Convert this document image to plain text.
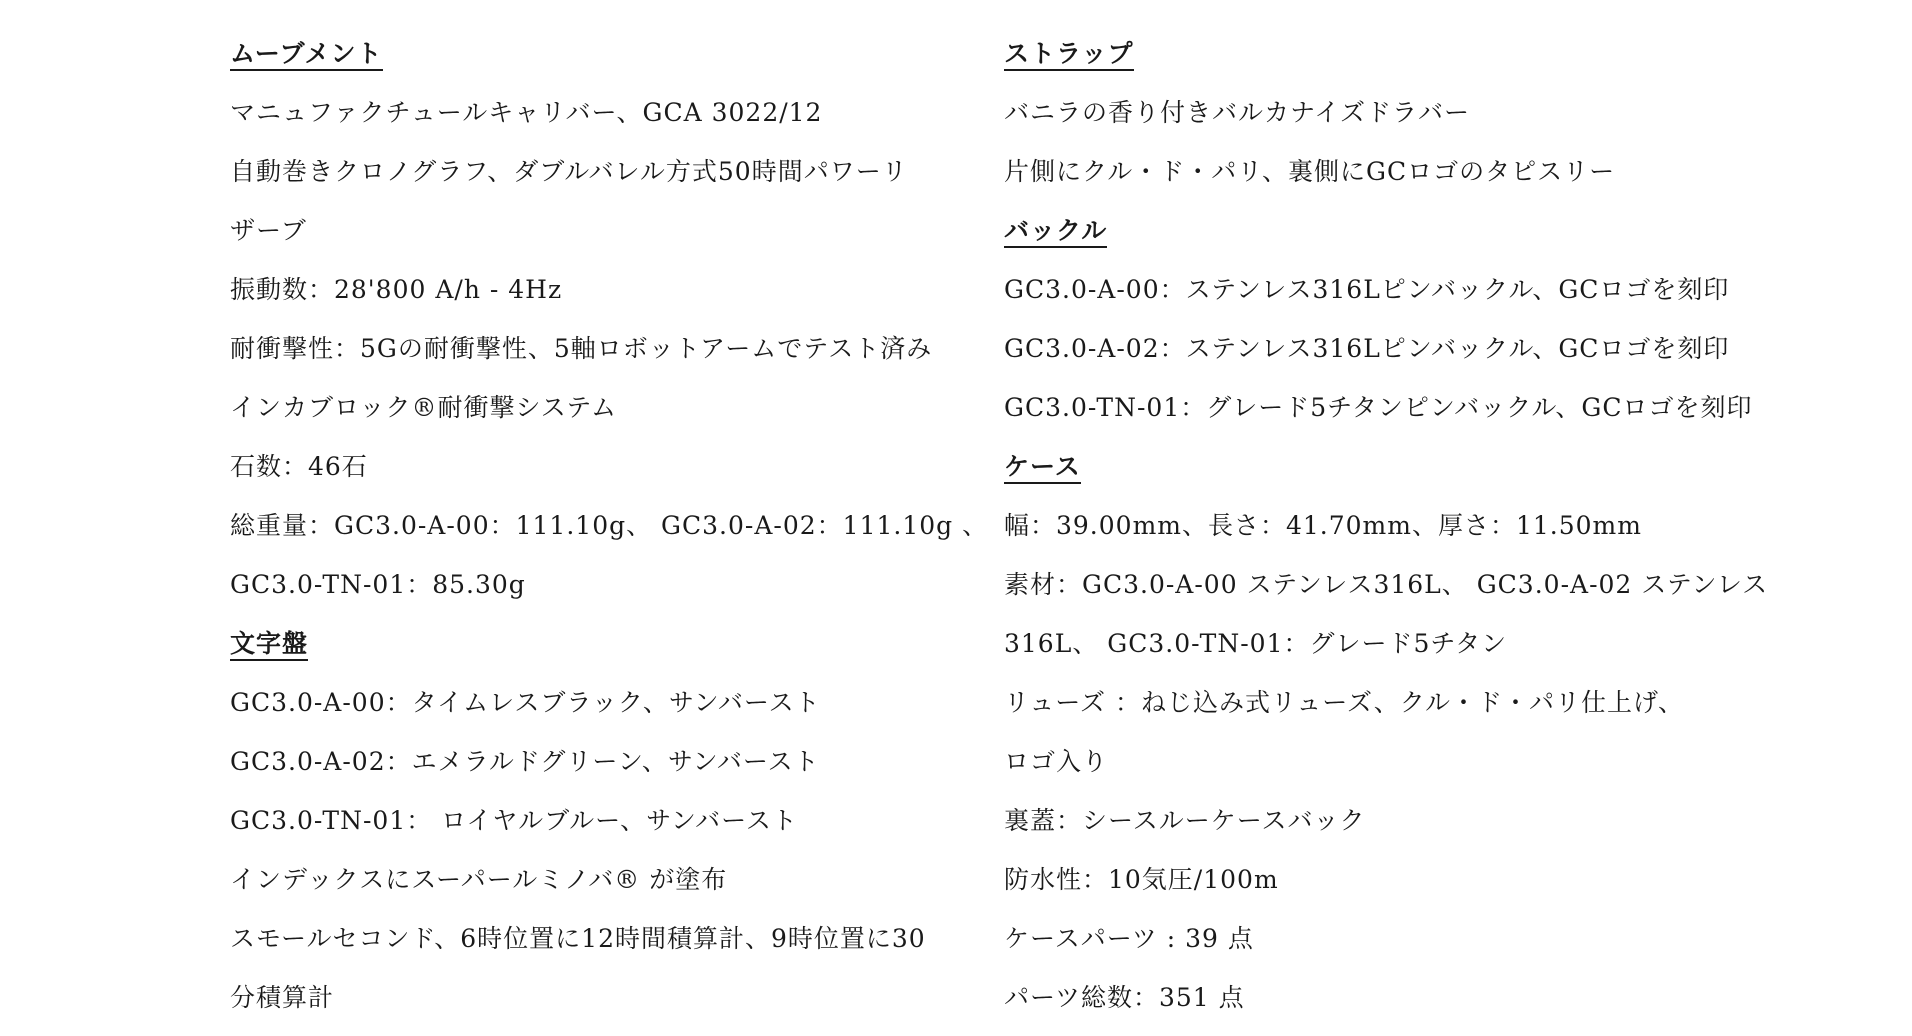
ムーブメント
マニュファクチュールキャリバー、GCA 3022/12
自動巻きクロノグラフ、ダブルバレル方式50時間パワーリ
ザーブ
振動数：28'800 A/h - 4Hz
耐衝撃性：5Gの耐衝撃性、5軸ロボットアームでテスト済み
インカブロック®耐衝撃システム
石数：46石
総重量：GC3.0-A-00：111.10g、 GC3.0-A-02：111.10g 、
GC3.0-TN-01：85.30g
文字盤
GC3.0-A-00：タイムレスブラック、サンバースト
GC3.0-A-02：エメラルドグリーン、サンバースト
GC3.0-TN-01： ロイヤルブルー、サンバースト
インデックスにスーパールミノバ® が塗布
スモールセコンド、6時位置に12時間積算計、9時位置に30
分積算計
ストラップ
バニラの香り付きバルカナイズドラバー
片側にクル・ド・パリ、裏側にGCロゴのタピスリー
バックル
GC3.0-A-00：ステンレス316Lピンバックル、GCロゴを刻印
GC3.0-A-02：ステンレス316Lピンバックル、GCロゴを刻印
GC3.0-TN-01：グレード5チタンピンバックル、GCロゴを刻印
ケース
幅：39.00mm、長さ：41.70mm、厚さ：11.50mm
素材：GC3.0-A-00 ステンレス316L、 GC3.0-A-02 ステンレス
316L、 GC3.0-TN-01：グレード5チタン
リューズ ：ねじ込み式リューズ、クル・ド・パリ仕上げ、
ロゴ入り
裏蓋：シースルーケースバック
防水性：10気圧/100m
ケースパーツ : 39 点
パーツ総数：351 点
